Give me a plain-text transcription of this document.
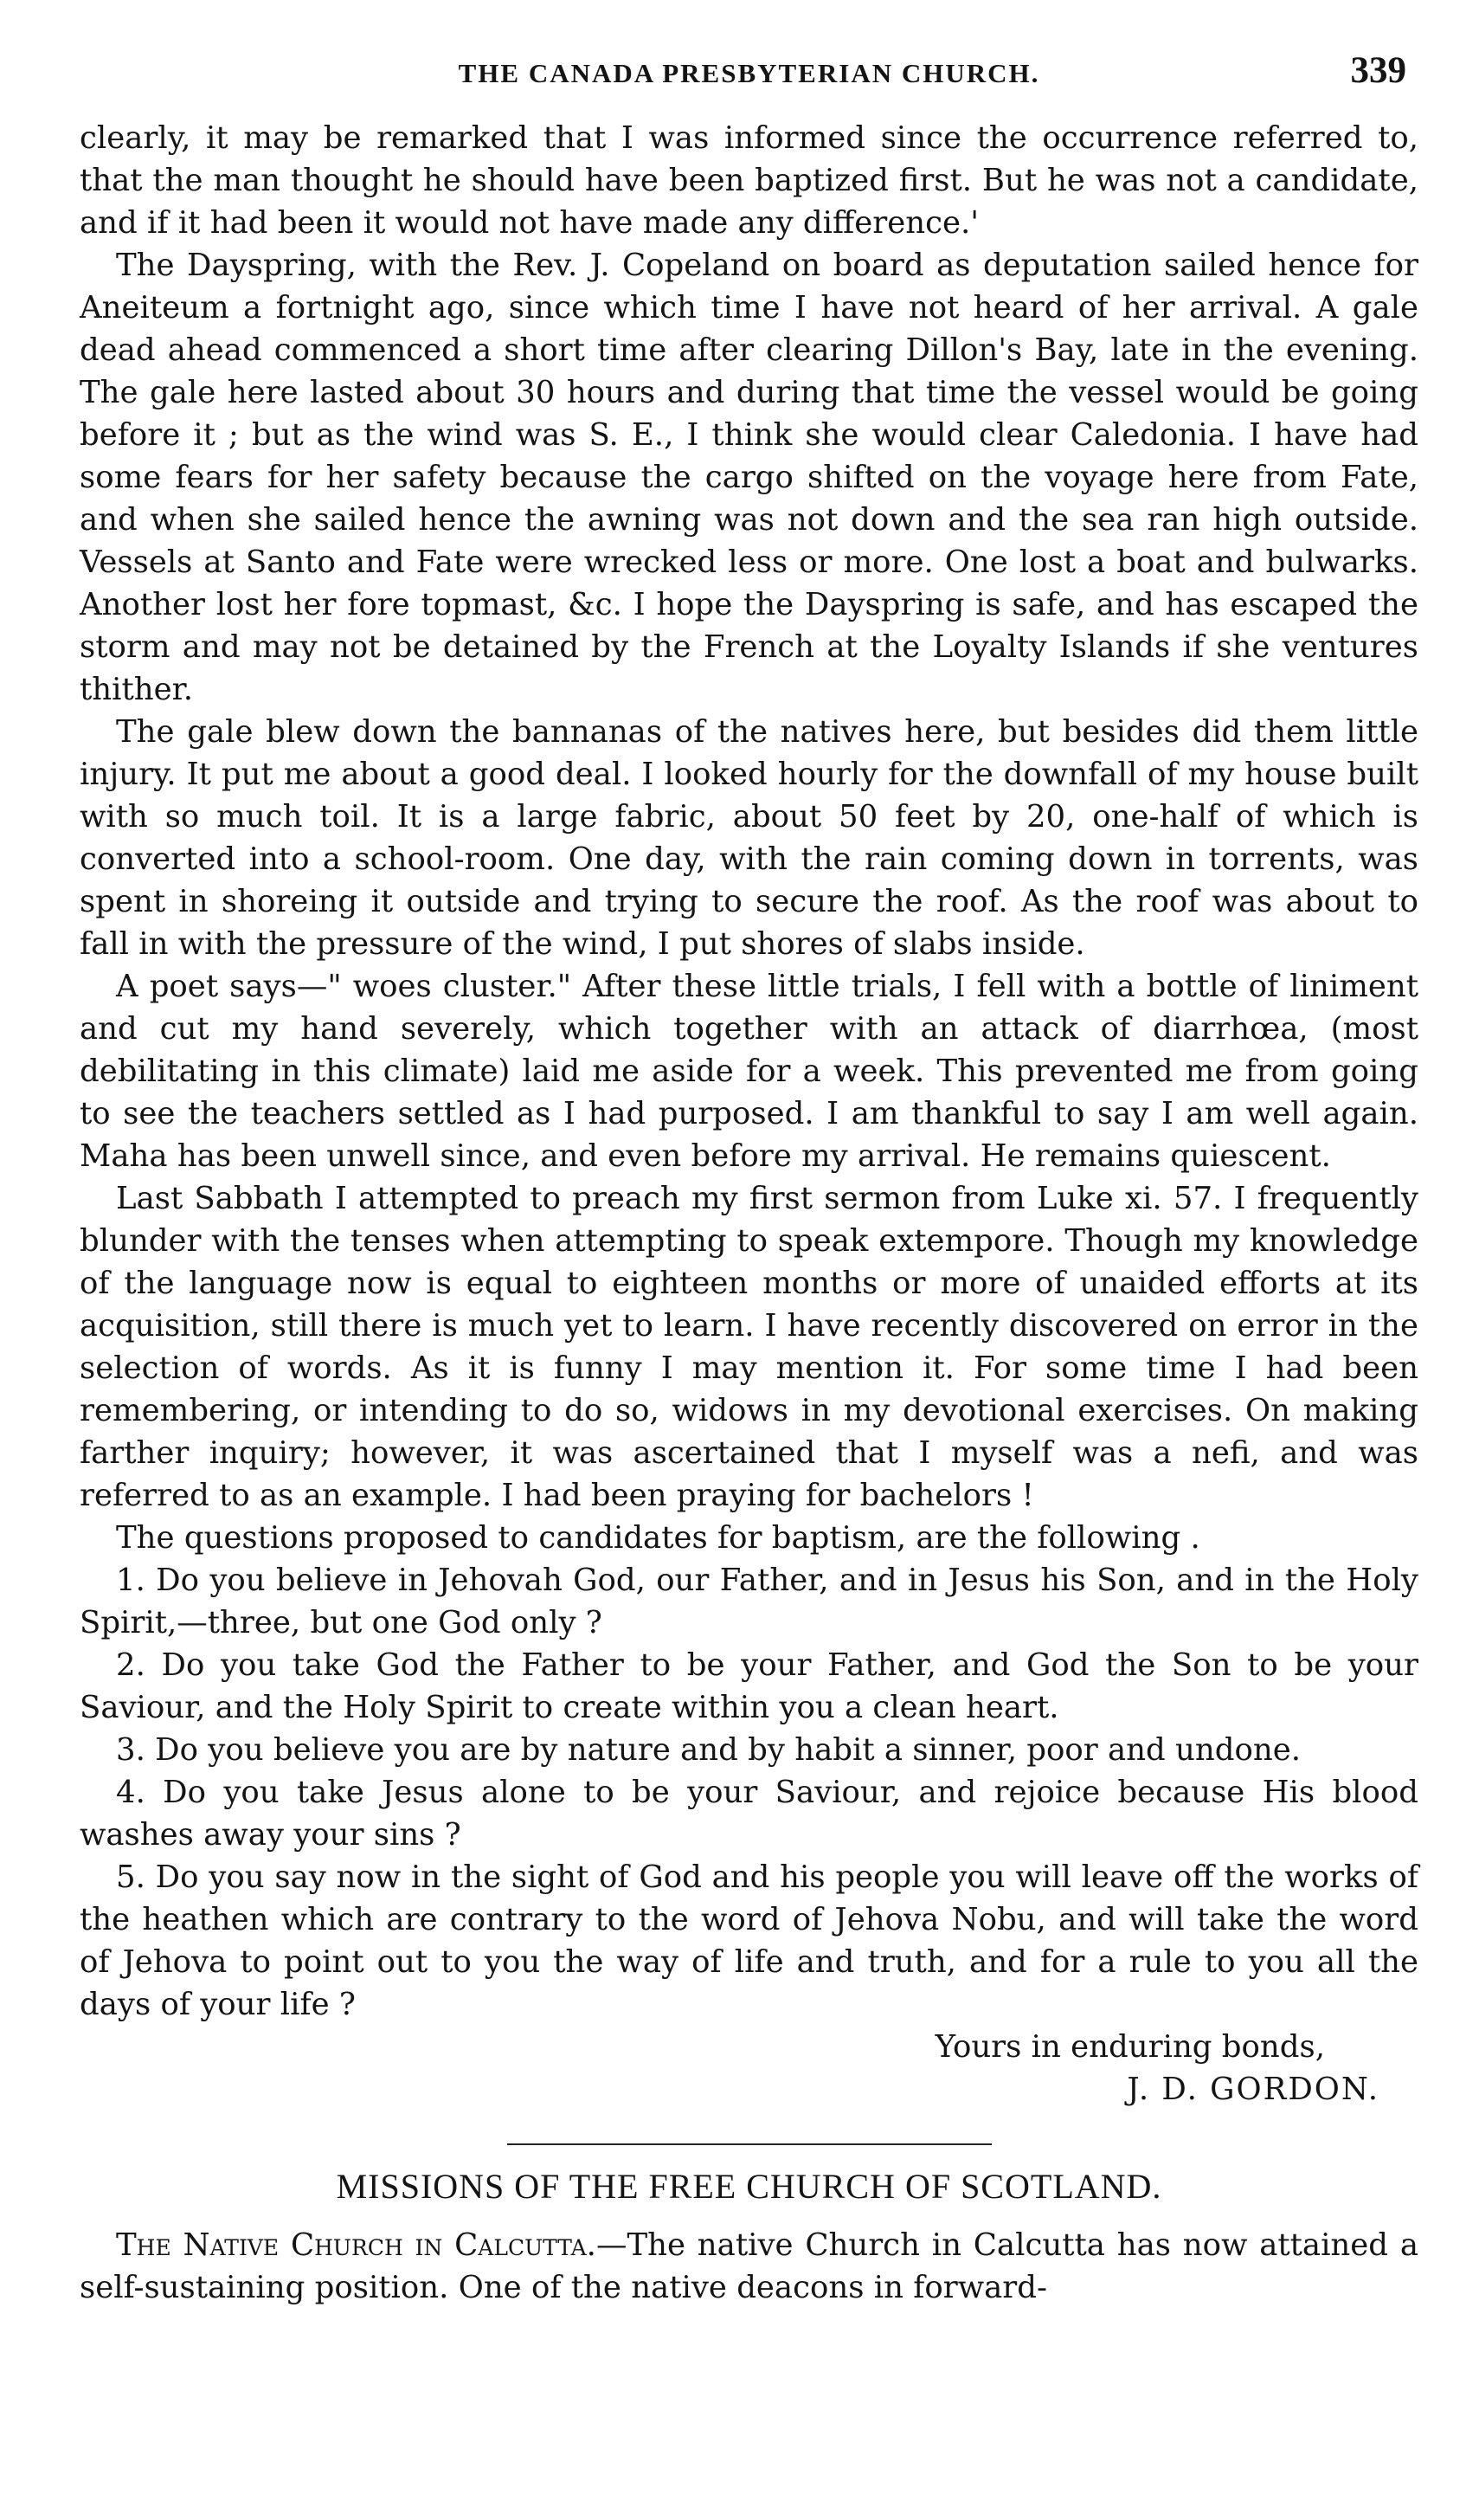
THE CANADA PRESBYTERIAN CHURCH.	339

clearly, it may be remarked that I was informed since the occurrence referred to, that the man thought he should have been baptized first. But he was not a candidate, and if it had been it would not have made any difference.'

The Dayspring, with the Rev. J. Copeland on board as deputation sailed hence for Aneiteum a fortnight ago, since which time I have not heard of her arrival. A gale dead ahead commenced a short time after clearing Dillon's Bay, late in the evening. The gale here lasted about 30 hours and during that time the vessel would be going before it ; but as the wind was S. E., I think she would clear Caledonia. I have had some fears for her safety because the cargo shifted on the voyage here from Fate, and when she sailed hence the awning was not down and the sea ran high outside. Vessels at Santo and Fate were wrecked less or more. One lost a boat and bulwarks. Another lost her fore topmast, &c. I hope the Dayspring is safe, and has escaped the storm and may not be detained by the French at the Loyalty Islands if she ventures thither.

The gale blew down the bannanas of the natives here, but besides did them little injury. It put me about a good deal. I looked hourly for the downfall of my house built with so much toil. It is a large fabric, about 50 feet by 20, one-half of which is converted into a school-room. One day, with the rain coming down in torrents, was spent in shoreing it outside and trying to secure the roof. As the roof was about to fall in with the pressure of the wind, I put shores of slabs inside.

A poet says—" woes cluster." After these little trials, I fell with a bottle of liniment and cut my hand severely, which together with an attack of diarrhœa, (most debilitating in this climate) laid me aside for a week. This prevented me from going to see the teachers settled as I had purposed. I am thankful to say I am well again. Maha has been unwell since, and even before my arrival. He remains quiescent.

Last Sabbath I attempted to preach my first sermon from Luke xi. 57. I frequently blunder with the tenses when attempting to speak extempore. Though my knowledge of the language now is equal to eighteen months or more of unaided efforts at its acquisition, still there is much yet to learn. I have recently discovered on error in the selection of words. As it is funny I may mention it. For some time I had been remembering, or intending to do so, widows in my devotional exercises. On making farther inquiry; however, it was ascertained that I myself was a nefi, and was referred to as an example. I had been praying for bachelors !

The questions proposed to candidates for baptism, are the following .

1. Do you believe in Jehovah God, our Father, and in Jesus his Son, and in the Holy Spirit,—three, but one God only ?

2. Do you take God the Father to be your Father, and God the Son to be your Saviour, and the Holy Spirit to create within you a clean heart.

3. Do you believe you are by nature and by habit a sinner, poor and undone.

4. Do you take Jesus alone to be your Saviour, and rejoice because His blood washes away your sins ?

5. Do you say now in the sight of God and his people you will leave off the works of the heathen which are contrary to the word of Jehova Nobu, and will take the word of Jehova to point out to you the way of life and truth, and for a rule to you all the days of your life ?

Yours in enduring bonds,
J. D. GORDON.
MISSIONS OF THE FREE CHURCH OF SCOTLAND.

The Native Church in Calcutta.—The native Church in Calcutta has now attained a self-sustaining position. One of the native deacons in forward-
